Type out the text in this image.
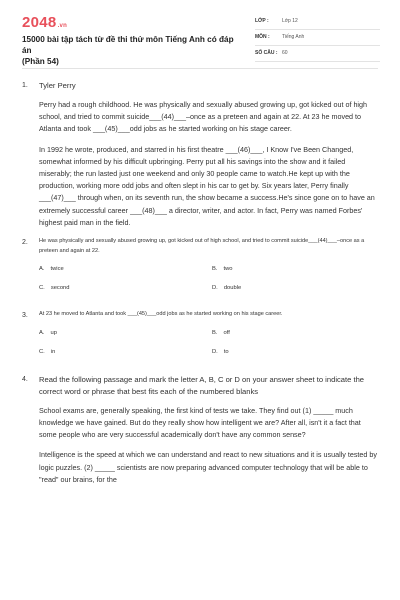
2048.vn
15000 bài tập tách từ đề thi thử môn Tiếng Anh có đáp án
(Phần 54)
LỚP :	Lớp 12
MÔN : Tiếng Anh
SỐ CÂU : 60
1. Tyler Perry

Perry had a rough childhood. He was physically and sexually abused growing up, got kicked out of high school, and tried to commit suicide___(44)___–once as a preteen and again at 22. At 23 he moved to Atlanta and took ___(45)___odd jobs as he started working on his stage career.

In 1992 he wrote, produced, and starred in his first theatre ___(46)___, I Know I've Been Changed, somewhat informed by his difficult upbringing. Perry put all his savings into the show and it failed miserably; the run lasted just one weekend and only 30 people came to watch.He kept up with the production, working more odd jobs and often slept in his car to get by. Six years later, Perry finally ___(47)___ through when, on its seventh run, the show became a success.He's since gone on to have an extremely successful career ___(48)___ a director, writer, and actor. In fact, Perry was named Forbes' highest paid man in the field.

2. He was physically and sexually abused growing up, got kicked out of high school, and tried to commit suicide___(44)___–once as a preteen and again at 22.
A. twice	B. two
C. second	D. double
3. At 23 he moved to Atlanta and took ___(45)___odd jobs as he started working on his stage career.
A. up	B. off
C. in	D. to
4. Read the following passage and mark the letter A, B, C or D on your answer sheet to indicate the correct word or phrase that best fits each of the numbered blanks

School exams are, generally speaking, the first kind of tests we take. They find out (1) _____ much knowledge we have gained. But do they really show how intelligent we are? After all, isn't it a fact that some people who are very successful academically don't have any common sense?

Intelligence is the speed at which we can understand and react to new situations and it is usually tested by logic puzzles. (2) _____ scientists are now preparing advanced computer technology that will be able to "read" our brains, for the
